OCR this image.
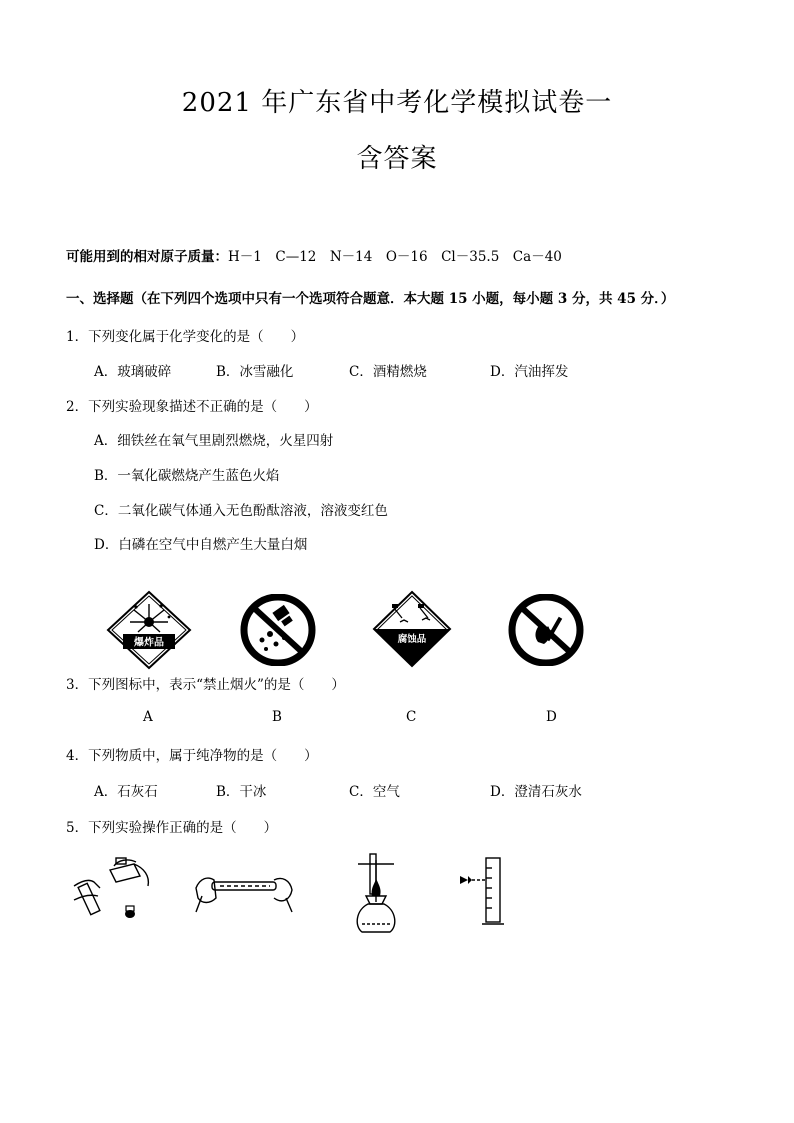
2021 年广东省中考化学模拟试卷一
含答案
可能用到的相对原子质量：H－1　C—12　N－14　O－16　Cl－35.5　Ca－40
一、选择题（在下列四个选项中只有一个选项符合题意．本大题 15 小题，每小题 3 分，共 45 分．）
1．下列变化属于化学变化的是（　　）
A．玻璃破碎	B．冰雪融化	C．酒精燃烧	D．汽油挥发
2．下列实验现象描述不正确的是（　　）
A．细铁丝在氧气里剧烈燃烧，火星四射
B．一氧化碳燃烧产生蓝色火焰
C．二氧化碳气体通入无色酚酞溶液，溶液变红色
D．白磷在空气中自燃产生大量白烟
爆炸品	腐蚀品
3．下列图标中，表示“禁止烟火”的是（　　）
A	B	C	D
4．下列物质中，属于纯净物的是（　　）
A．石灰石	B．干冰	C．空气	D．澄清石灰水
5．下列实验操作正确的是（　　）
